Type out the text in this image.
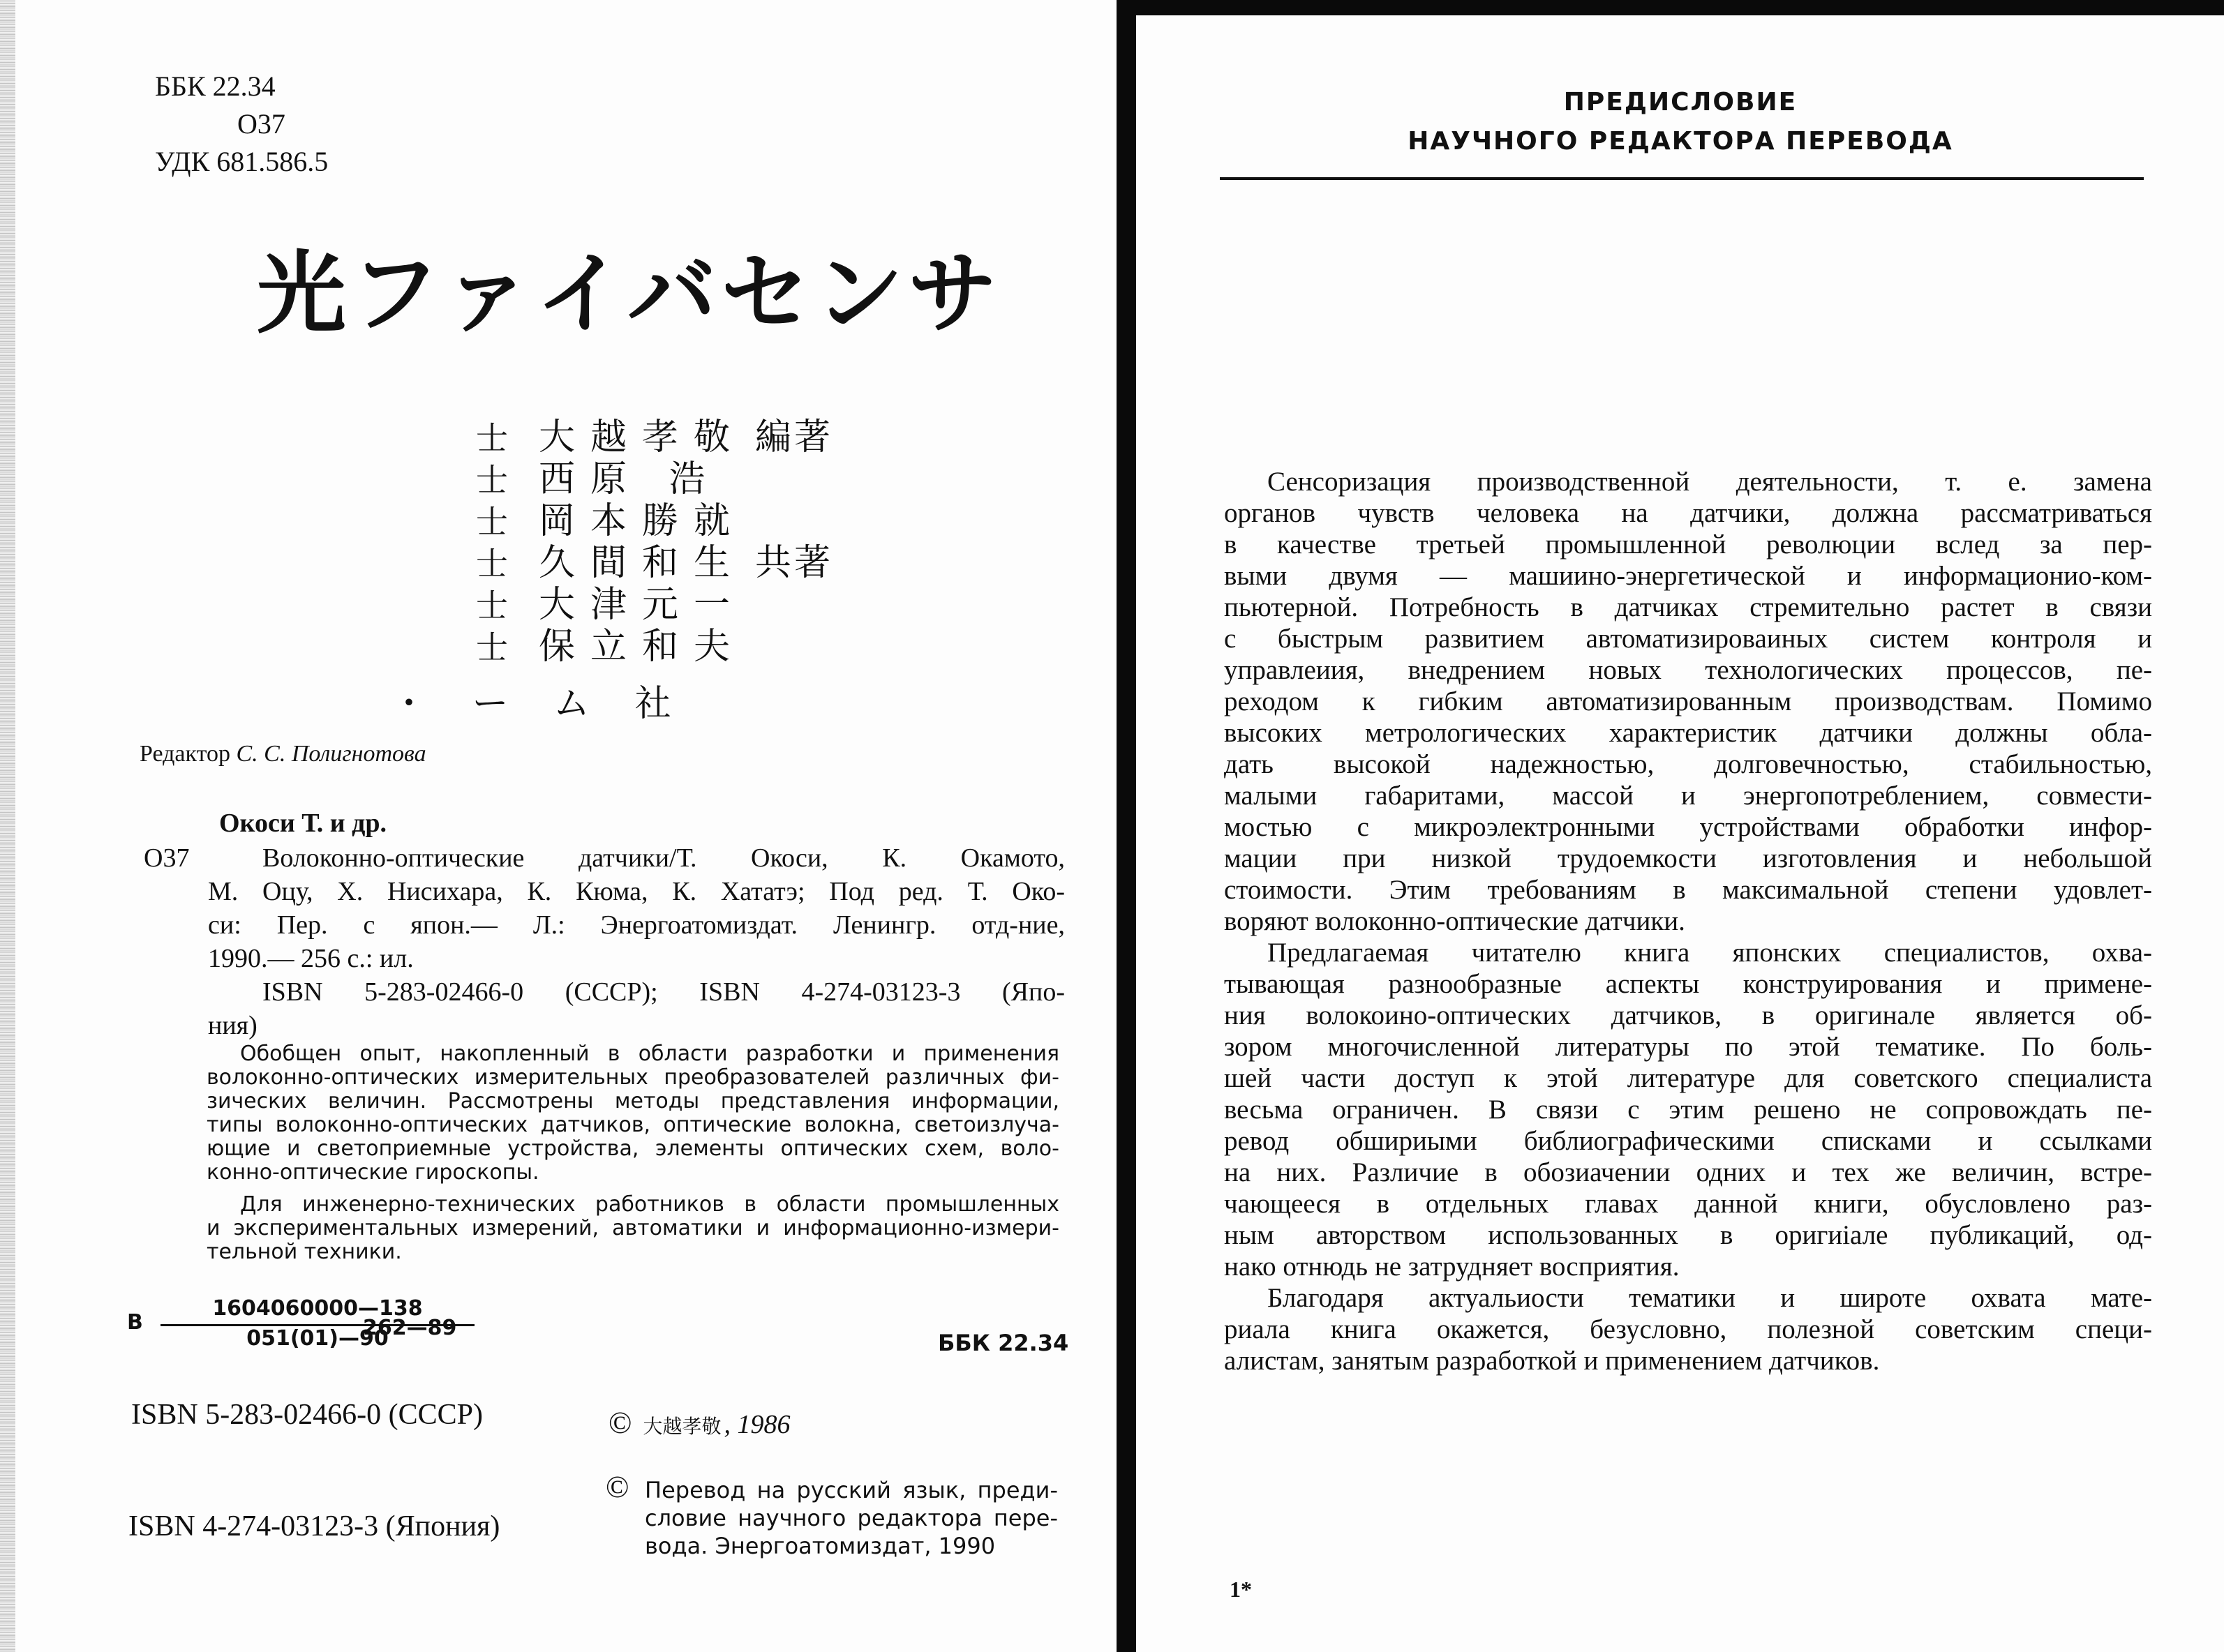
ББК 22.34
О37
УДК 681.586.5
光ファイバセンサ
士 大越孝敬 編著
士 西原 浩
士 岡本勝就
士 久間和生 共著
士 大津元一
士 保立和夫
・ ー ム 社
Редактор С. С. Полигнотова
Окоси Т. и др.
О37	Волоконно-оптические датчики/Т. Окоси, К. Окамото,
М. Оцу, Х. Нисихара, К. Кюма, К. Хататэ; Под ред. Т. Око-
си: Пер. с япон.— Л.: Энергоатомиздат. Ленингр. отд-ние,
1990.— 256 с.: ил.
ISBN 5-283-02466-0 (СССР); ISBN 4-274-03123-3 (Япо-
ния)
Обобщен опыт, накопленный в области разработки и применения
волоконно-оптических измерительных преобразователей различных фи-
зических величин. Рассмотрены методы представления информации,
типы волоконно-оптических датчиков, оптические волокна, светоизлуча-
ющие и светоприемные устройства, элементы оптических схем, воло-
конно-оптические гироскопы.
Для инженерно-технических работников в области промышленных
и экспериментальных измерений, автоматики и информационно-измери-
тельной техники.
В $\frac{1604060000—138}{051(01)—90}$
262—89
ББК 22.34
ISBN 5-283-02466-0 (СССР)
ISBN 4-274-03123-3 (Япония)
© 大越孝敬 , 1986
© Перевод на русский язык, преди-
словие научного редактора пере-
вода. Энергоатомиздат, 1990
ПРЕДИСЛОВИЕ
НАУЧНОГО РЕДАКТОРА ПЕРЕВОДА
Сенсоризация производственной деятельности, т. е. замена
органов чувств человека на датчики, должна рассматриваться
в качестве третьей промышленной революции вслед за пер-
выми двумя — машиино-энергетической и информационио-ком-
пьютерной. Потребность в датчиках стремительно растет в связи
с быстрым развитием автоматизироваиных систем контроля и
управлеиия, внедрением новых технологических процессов, пе-
реходом к гибким автоматизированным производствам. Помимо
высоких метрологических характеристик датчики должны обла-
дать высокой надежностью, долговечностью, стабильностью,
малыми габаритами, массой и энергопотреблением, совмести-
мостью с микроэлектронными устройствами обработки инфор-
мации при низкой трудоемкости изготовления и небольшой
стоимости. Этим требованиям в максимальной степени удовлет-
воряют волоконно-оптические датчики.
Предлагаемая читателю книга японских специалистов, охва-
тывающая разнообразные аспекты конструирования и примене-
ния волокоино-оптических датчиков, в оригинале является об-
зором многочисленной литературы по этой тематике. По боль-
шей части доступ к этой литературе для советского специалиста
весьма ограничен. В связи с этим решено не сопровождать пе-
ревод обшириыми библиографическими списками и ссылками
на них. Различие в обозиачении одних и тех же величин, встре-
чающееся в отдельных главах данной книги, обусловлено раз-
ным авторством использованных в оригиiале публикаций, од-
нако отнюдь не затрудняет восприятия.
Благодаря актуальиости тематики и широте охвата мате-
риала книга окажется, безусловно, полезной советским специ-
алистам, занятым разработкой и применением датчиков.
1*
